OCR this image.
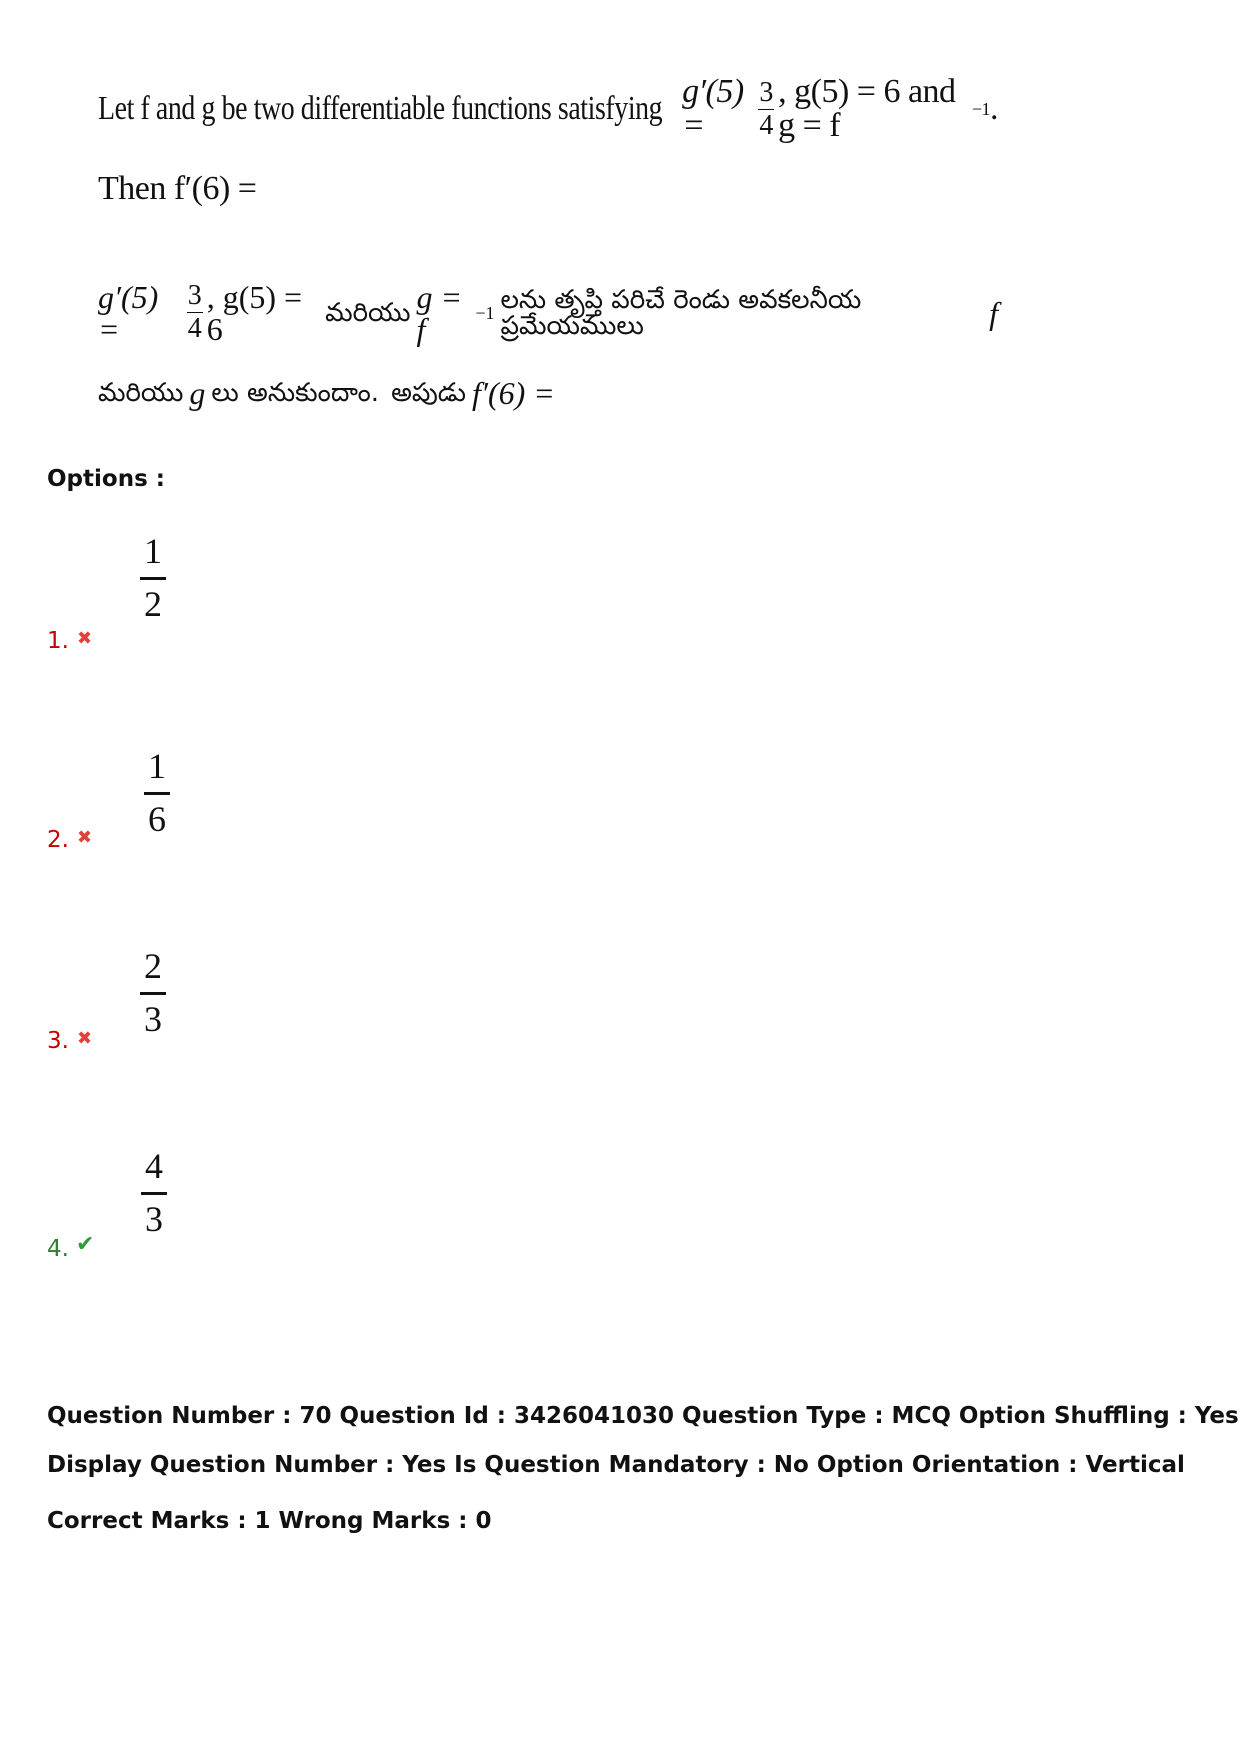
Let f and g be two differentiable functions satisfying g′(5) =	$\frac{3}{4}$ , g(5) = 6 and g = f	−1 .
Then f′(6) =
g′(5) =	$\frac{3}{4}$ , g(5) = 6	మరియు g = f	−1 లను తృప్తి పరిచే రెండు అవకలనీయ ప్రమేయములు	f
మరియు g లు అనుకుందాం. అపుడు f′(6) =
Options :
1
2
1. ✖
1
6
2. ✖
2
3
3. ✖
4
3
4. ✔
Question Number : 70 Question Id : 3426041030 Question Type : MCQ Option Shuffling : Yes
Display Question Number : Yes Is Question Mandatory : No Option Orientation : Vertical
Correct Marks : 1 Wrong Marks : 0
